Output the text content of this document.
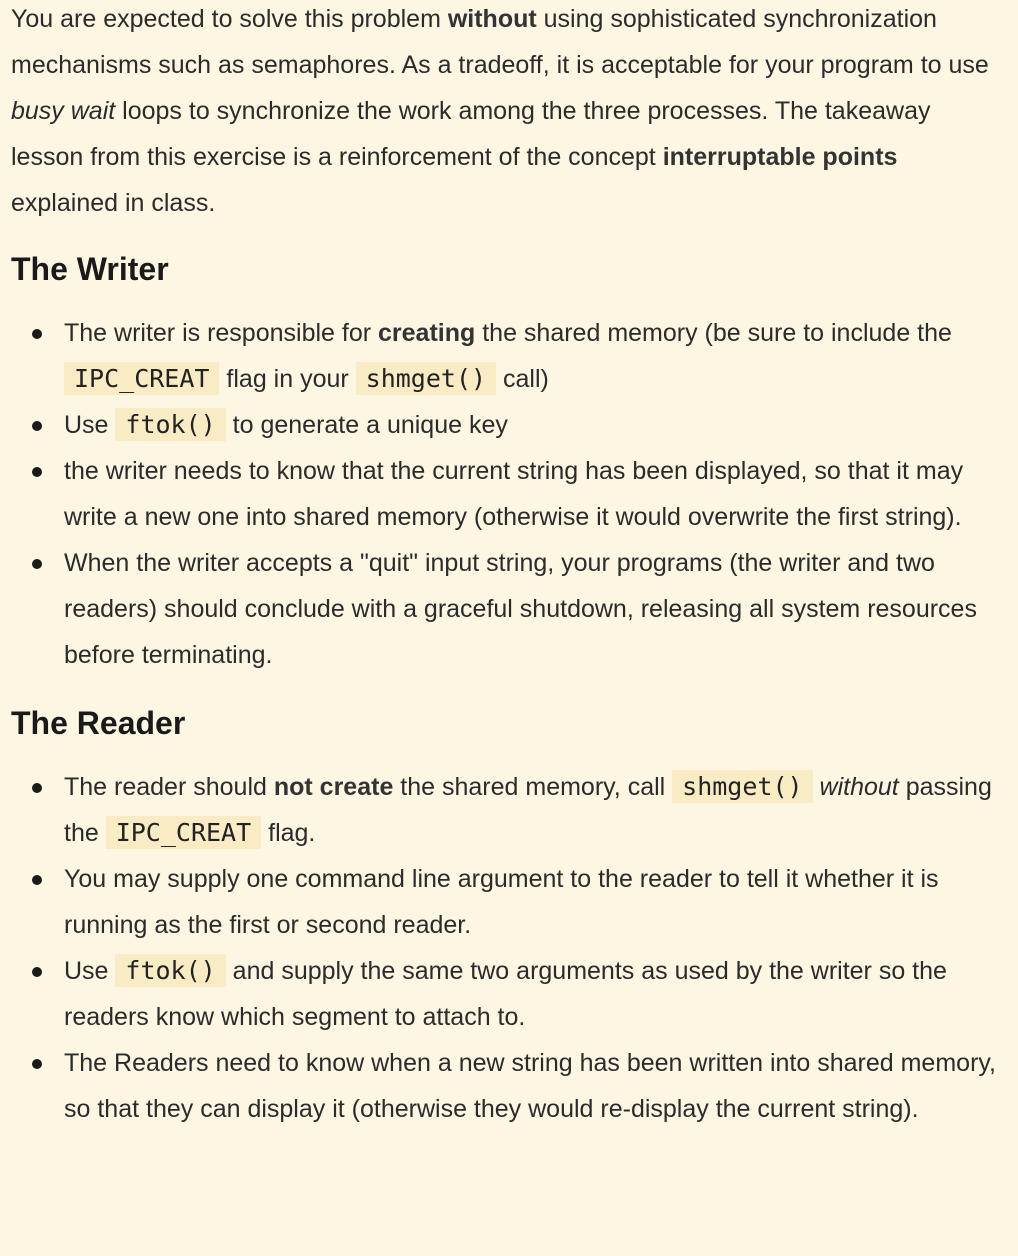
You are expected to solve this problem without using sophisticated synchronization mechanisms such as semaphores. As a tradeoff, it is acceptable for your program to use busy wait loops to synchronize the work among the three processes. The takeaway lesson from this exercise is a reinforcement of the concept interruptable points explained in class.

The Writer
The writer is responsible for creating the shared memory (be sure to include the IPC_CREAT flag in your shmget() call)
Use ftok() to generate a unique key
the writer needs to know that the current string has been displayed, so that it may write a new one into shared memory (otherwise it would overwrite the first string).
When the writer accepts a "quit" input string, your programs (the writer and two readers) should conclude with a graceful shutdown, releasing all system resources before terminating.
The Reader
The reader should not create the shared memory, call shmget() without passing the IPC_CREAT flag.
You may supply one command line argument to the reader to tell it whether it is running as the first or second reader.
Use ftok() and supply the same two arguments as used by the writer so the readers know which segment to attach to.
The Readers need to know when a new string has been written into shared memory, so that they can display it (otherwise they would re-display the current string).
